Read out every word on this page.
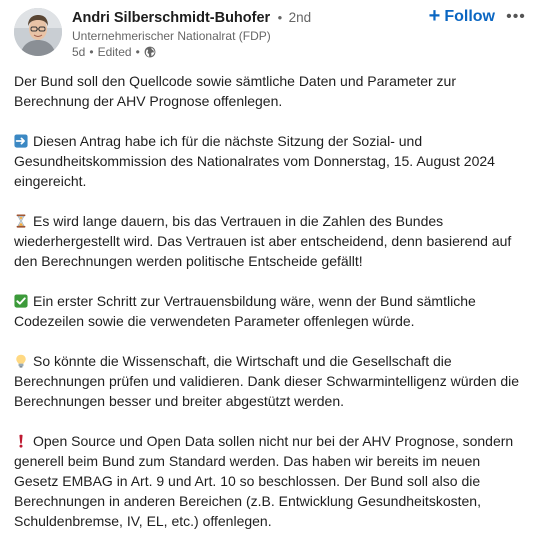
Andri Silberschmidt-Buhofer • 2nd
Unternehmerischer Nationalrat (FDP)
5d • Edited •
+ Follow •••

Der Bund soll den Quellcode sowie sämtliche Daten und Parameter zur Berechnung der AHV Prognose offenlegen.

Diesen Antrag habe ich für die nächste Sitzung der Sozial- und Gesundheitskommission des Nationalrates vom Donnerstag, 15. August 2024 eingereicht.

Es wird lange dauern, bis das Vertrauen in die Zahlen des Bundes wiederhergestellt wird. Das Vertrauen ist aber entscheidend, denn basierend auf den Berechnungen werden politische Entscheide gefällt!

Ein erster Schritt zur Vertrauensbildung wäre, wenn der Bund sämtliche Codezeilen sowie die verwendeten Parameter offenlegen würde.

So könnte die Wissenschaft, die Wirtschaft und die Gesellschaft die Berechnungen prüfen und validieren. Dank dieser Schwarmintelligenz würden die Berechnungen besser und breiter abgestützt werden.

Open Source und Open Data sollen nicht nur bei der AHV Prognose, sondern generell beim Bund zum Standard werden. Das haben wir bereits im neuen Gesetz EMBAG in Art. 9 und Art. 10 so beschlossen. Der Bund soll also die Berechnungen in anderen Bereichen (z.B. Entwicklung Gesundheitskosten, Schuldenbremse, IV, EL, etc.) offenlegen.
